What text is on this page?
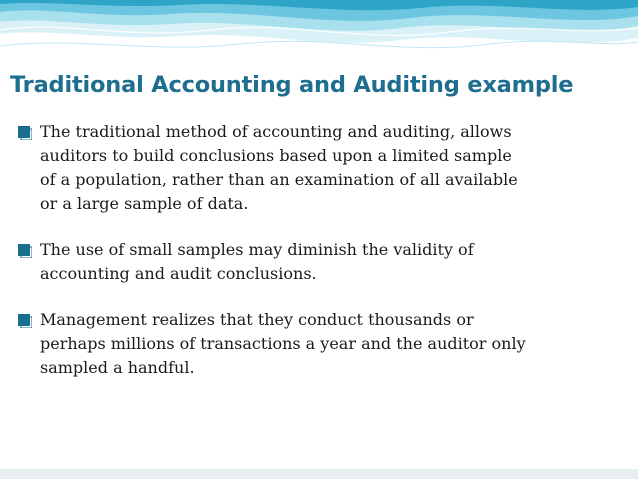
Traditional Accounting and Auditing example
The traditional method of accounting and auditing, allows
auditors to build conclusions based upon a limited sample
of a population, rather than an examination of all available
or a large sample of data.
The use of small samples may diminish the validity of
accounting and audit conclusions.
Management realizes that they conduct thousands or
perhaps millions of transactions a year and the auditor only
sampled a handful.
